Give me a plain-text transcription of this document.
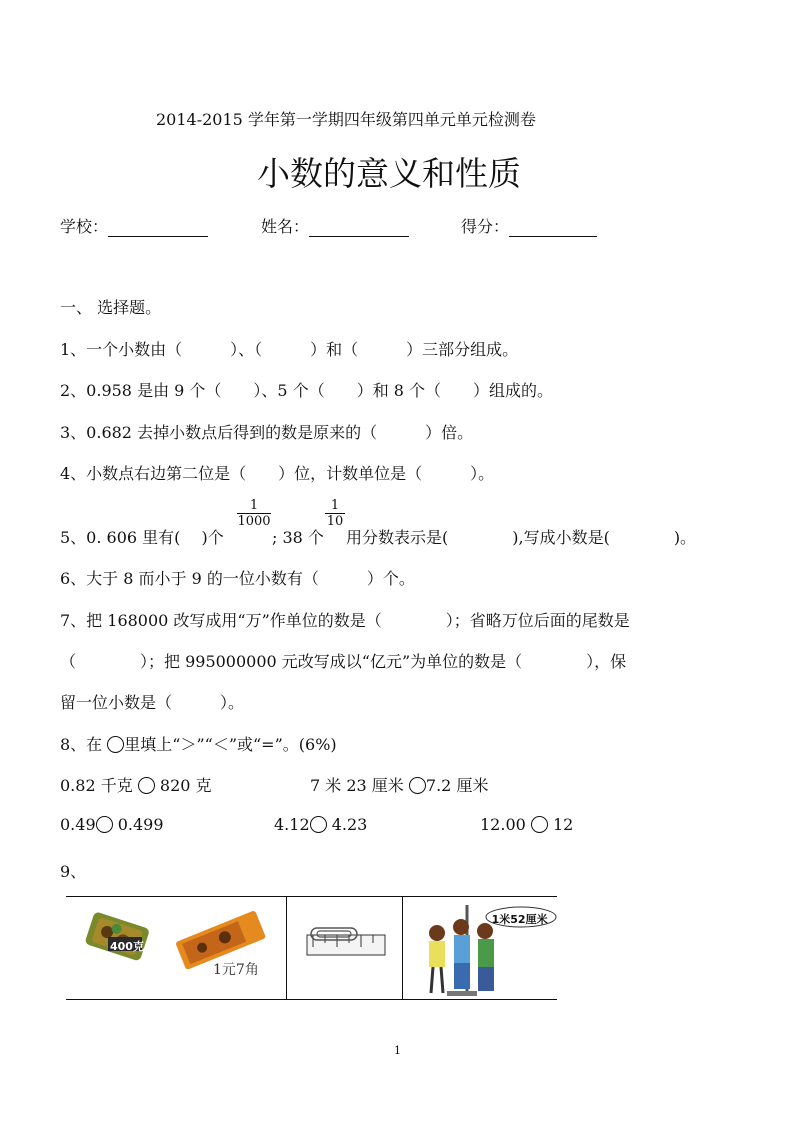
2014-2015 学年第一学期四年级第四单元单元检测卷
小数的意义和性质
学校：	姓名：	得分：
一、 选择题。
1、一个小数由（　　　）、（　　　）和（　　　）三部分组成。
2、0.958 是由 9 个（　　）、5 个（　　）和 8 个（　　）组成的。
3、0.682 去掉小数点后得到的数是原来的（　　　）倍。
4、小数点右边第二位是（　　）位，计数单位是（　　　）。
5、0. 606 里有(　 )个
$\frac{1}{1000}$
; 38 个
$\frac{1}{10}$
用分数表示是(　　　　),写成小数是(　　　　)。
6、大于 8 而小于 9 的一位小数有（　　　）个。
7、把 168000 改写成用“万”作单位的数是（　　　　）；省略万位后面的尾数是
（　　　　）；把 995000000 元改写成以“亿元”为单位的数是（　　　　），保
留一位小数是（　　　）。
8、在 里填上“＞”“＜”或“=”。(6%)
0.82 千克 820 克	7 米 23 厘米 7.2 厘米
0.49 0.499	4.12 4.23	12.00 12
9、
400克
1元7角

1米52厘米
1
